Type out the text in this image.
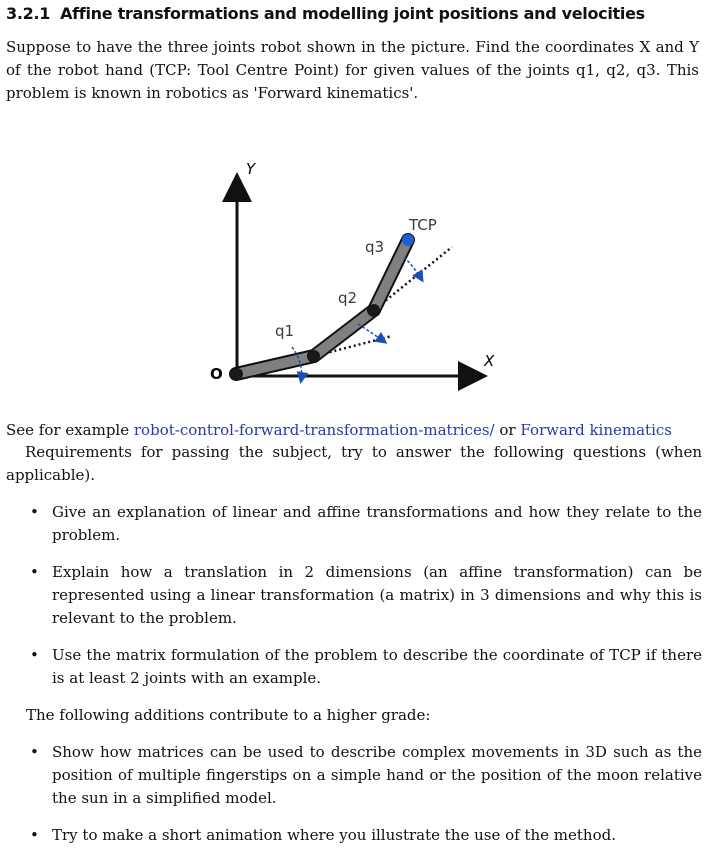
3.2.1 Affine transformations and modelling joint positions and velocities
Suppose to have the three joints robot shown in the picture. Find the coordinates X and Y of the robot hand (TCP: Tool Centre Point) for given values of the joints q1, q2, q3. This problem is known in robotics as 'Forward kinematics'.
Y
X
O
q1
q2
q3
TCP
See for example robot-control-forward-transformation-matrices/ or Forward kinematics
Requirements for passing the subject, try to answer the following questions (when applicable).
• Give an explanation of linear and affine transformations and how they relate to the problem.
• Explain how a translation in 2 dimensions (an affine transformation) can be represented using a linear transformation (a matrix) in 3 dimensions and why this is relevant to the problem.
• Use the matrix formulation of the problem to describe the coordinate of TCP if there is at least 2 joints with an example.
The following additions contribute to a higher grade:
• Show how matrices can be used to describe complex movements in 3D such as the position of multiple fingerstips on a simple hand or the position of the moon relative the sun in a simplified model.
• Try to make a short animation where you illustrate the use of the method.
